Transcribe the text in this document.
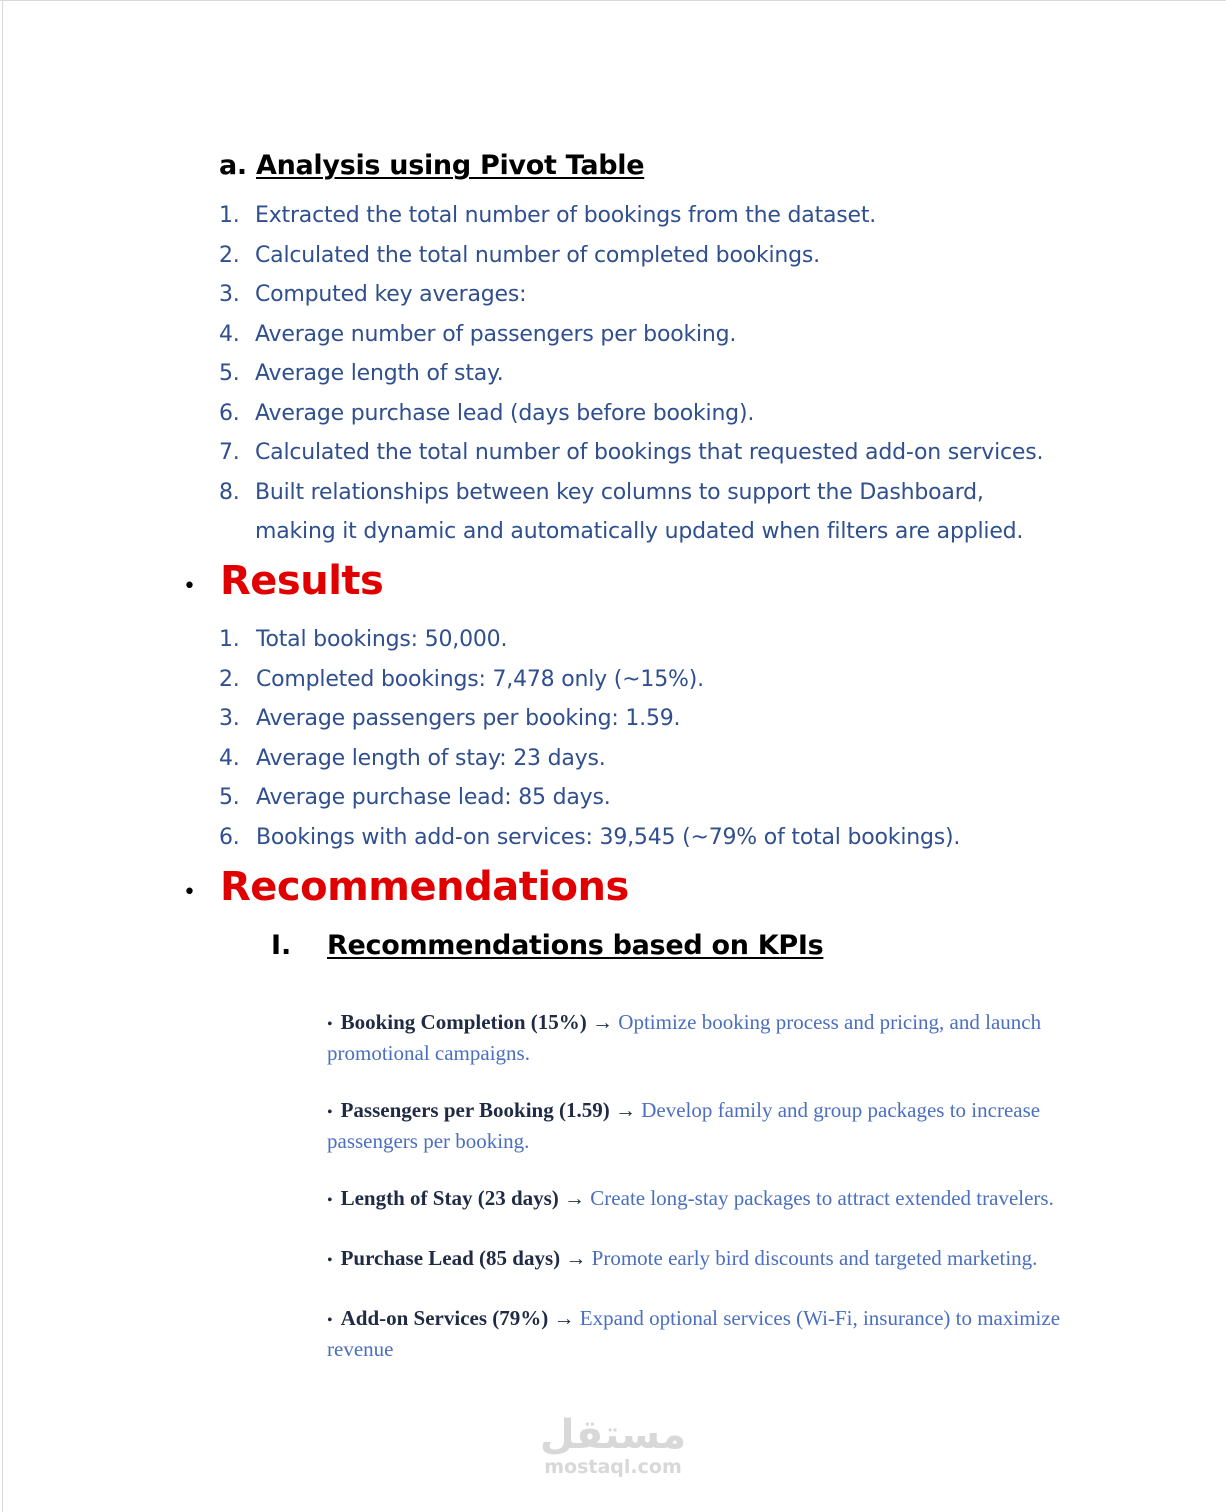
a. Analysis using Pivot Table
1. Extracted the total number of bookings from the dataset.
2. Calculated the total number of completed bookings.
3. Computed key averages:
4. Average number of passengers per booking.
5. Average length of stay.
6. Average purchase lead (days before booking).
7. Calculated the total number of bookings that requested add-on services.
8. Built relationships between key columns to support the Dashboard,
making it dynamic and automatically updated when filters are applied.
• Results
1. Total bookings: 50,000.
2. Completed bookings: 7,478 only (~15%).
3. Average passengers per booking: 1.59.
4. Average length of stay: 23 days.
5. Average purchase lead: 85 days.
6. Bookings with add-on services: 39,545 (~79% of total bookings).
• Recommendations
I. Recommendations based on KPIs
• Booking Completion (15%) → Optimize booking process and pricing, and launch promotional campaigns.
• Passengers per Booking (1.59) → Develop family and group packages to increase passengers per booking.
• Length of Stay (23 days) → Create long-stay packages to attract extended travelers.
• Purchase Lead (85 days) → Promote early bird discounts and targeted marketing.
• Add-on Services (79%) → Expand optional services (Wi-Fi, insurance) to maximize revenue
مستقل
mostaql.com
